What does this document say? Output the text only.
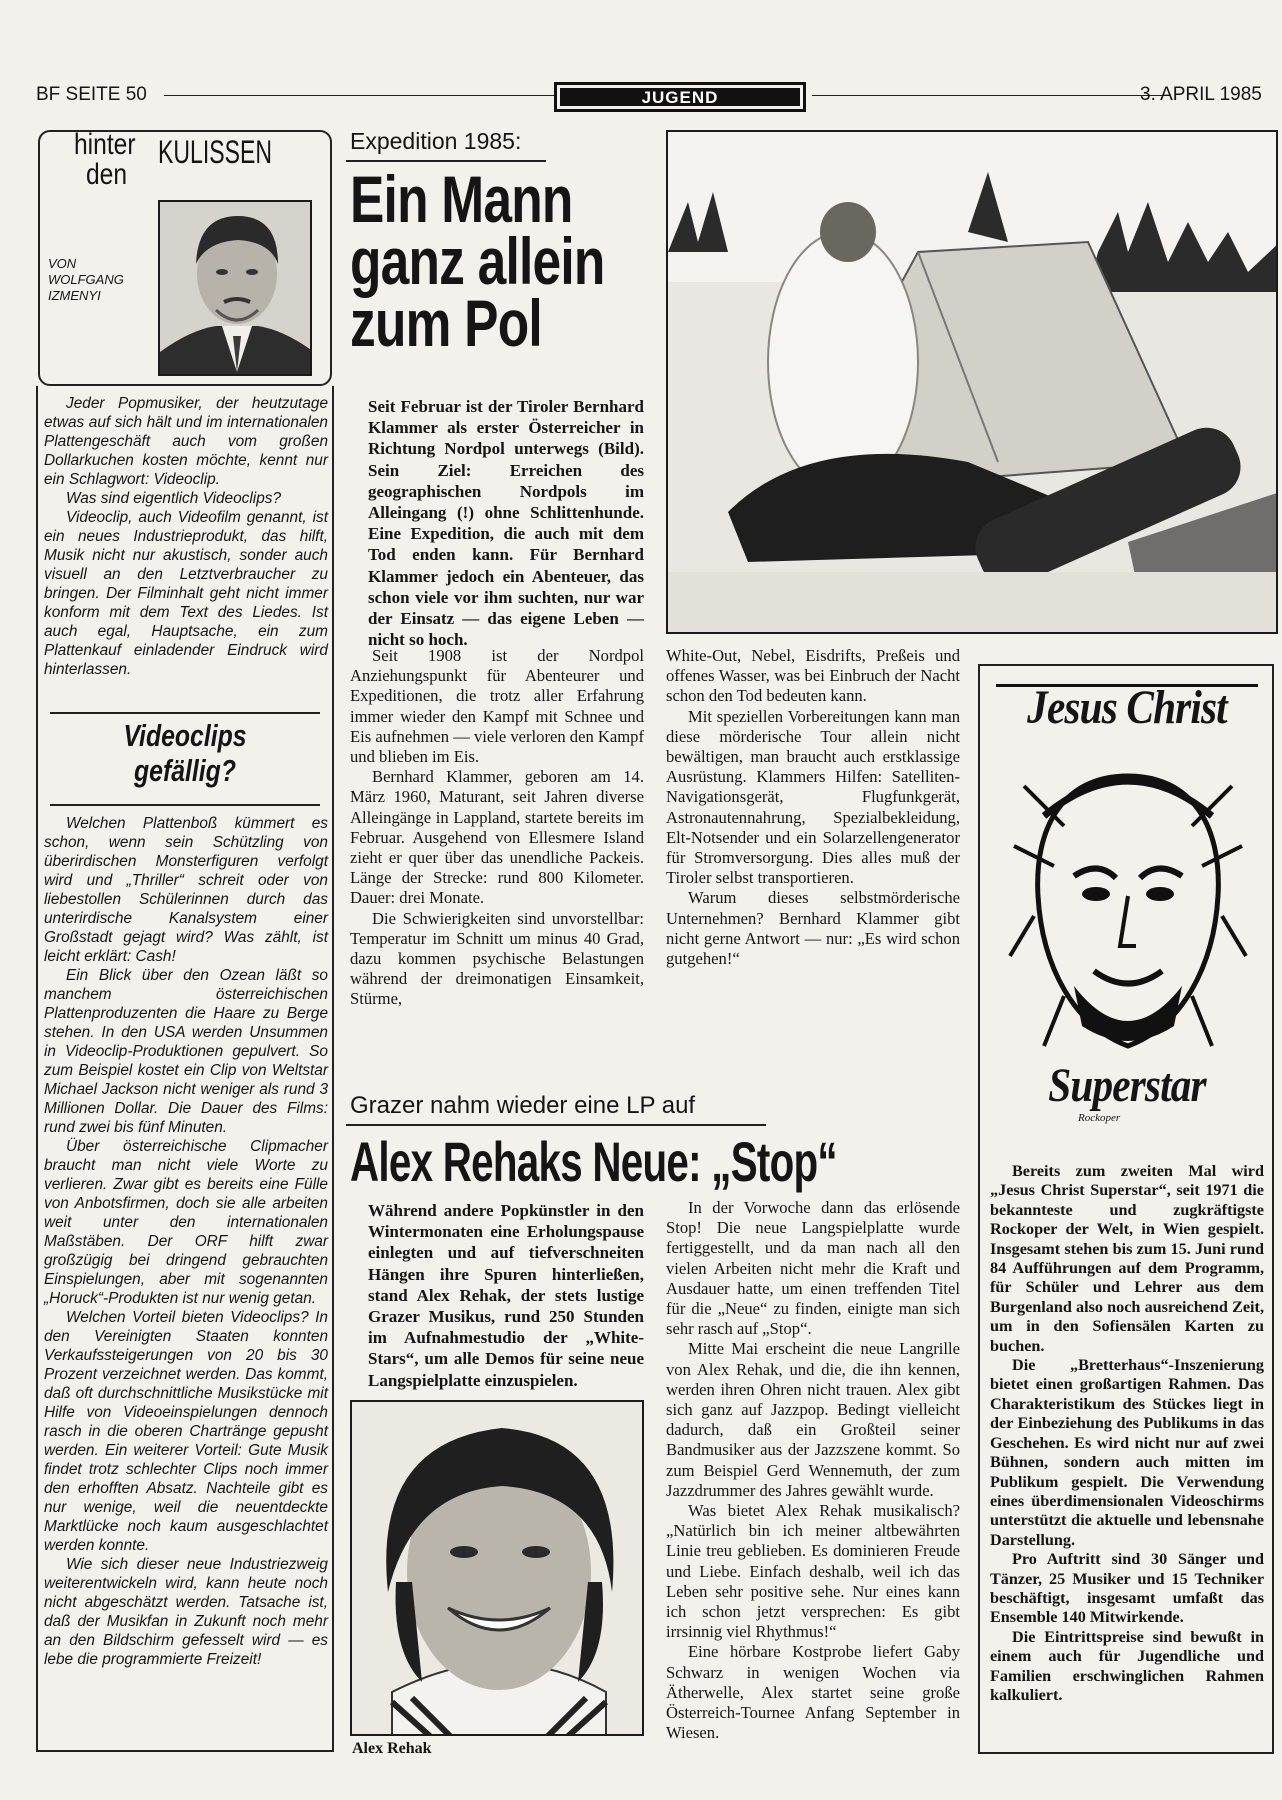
BF SEITE 50	JUGEND	3. APRIL 1985
hinter
den
KULISSEN
VON
WOLFGANG
IZMENYI

Jeder Popmusiker, der heutzutage etwas auf sich hält und im internationalen Plattengeschäft auch vom großen Dollarkuchen kosten möchte, kennt nur ein Schlagwort: Videoclip.

Was sind eigentlich Videoclips?

Videoclip, auch Videofilm genannt, ist ein neues Industrieprodukt, das hilft, Musik nicht nur akustisch, sonder auch visuell an den Letztverbraucher zu bringen. Der Filminhalt geht nicht immer konform mit dem Text des Liedes. Ist auch egal, Hauptsache, ein zum Plattenkauf einladender Eindruck wird hinterlassen.

Videoclips
gefällig?

Welchen Plattenboß kümmert es schon, wenn sein Schützling von überirdischen Monsterfiguren verfolgt wird und „Thriller“ schreit oder von liebestollen Schülerinnen durch das unterirdische Kanalsystem einer Großstadt gejagt wird? Was zählt, ist leicht erklärt: Cash!

Ein Blick über den Ozean läßt so manchem österreichischen Plattenproduzenten die Haare zu Berge stehen. In den USA werden Unsummen in Videoclip-Produktionen gepulvert. So zum Beispiel kostet ein Clip von Weltstar Michael Jackson nicht weniger als rund 3 Millionen Dollar. Die Dauer des Films: rund zwei bis fünf Minuten.

Über österreichische Clipmacher braucht man nicht viele Worte zu verlieren. Zwar gibt es bereits eine Fülle von Anbotsfirmen, doch sie alle arbeiten weit unter den internationalen Maßstäben. Der ORF hilft zwar großzügig bei dringend gebrauchten Einspielungen, aber mit sogenannten „Horuck“-Produkten ist nur wenig getan.

Welchen Vorteil bieten Videoclips? In den Vereinigten Staaten konnten Verkaufssteigerungen von 20 bis 30 Prozent verzeichnet werden. Das kommt, daß oft durchschnittliche Musikstücke mit Hilfe von Videoeinspielungen dennoch rasch in die oberen Chartränge gepusht werden. Ein weiterer Vorteil: Gute Musik findet trotz schlechter Clips noch immer den erhofften Absatz. Nachteile gibt es nur wenige, weil die neuentdeckte Marktlücke noch kaum ausgeschlachtet werden konnte.

Wie sich dieser neue Industriezweig weiterentwickeln wird, kann heute noch nicht abgeschätzt werden. Tatsache ist, daß der Musikfan in Zukunft noch mehr an den Bildschirm gefesselt wird — es lebe die programmierte Freizeit!

Expedition 1985:
Ein Mann
ganz allein
zum Pol

Seit Februar ist der Tiroler Bernhard Klammer als erster Österreicher in Richtung Nordpol unterwegs (Bild). Sein Ziel: Erreichen des geographischen Nordpols im Alleingang (!) ohne Schlittenhunde. Eine Expedition, die auch mit dem Tod enden kann. Für Bernhard Klammer jedoch ein Abenteuer, das schon viele vor ihm suchten, nur war der Einsatz — das eigene Leben — nicht so hoch.

Seit 1908 ist der Nordpol Anziehungspunkt für Abenteurer und Expeditionen, die trotz aller Erfahrung immer wieder den Kampf mit Schnee und Eis aufnehmen — viele verloren den Kampf und blieben im Eis.

Bernhard Klammer, geboren am 14. März 1960, Maturant, seit Jahren diverse Alleingänge in Lappland, startete bereits im Februar. Ausgehend von Ellesmere Island zieht er quer über das unendliche Packeis. Länge der Strecke: rund 800 Kilometer. Dauer: drei Monate.

Die Schwierigkeiten sind unvorstellbar: Temperatur im Schnitt um minus 40 Grad, dazu kommen psychische Belastungen während der dreimonatigen Einsamkeit, Stürme,

White-Out, Nebel, Eisdrifts, Preßeis und offenes Wasser, was bei Einbruch der Nacht schon den Tod bedeuten kann.

Mit speziellen Vorbereitungen kann man diese mörderische Tour allein nicht bewältigen, man braucht auch erstklassige Ausrüstung. Klammers Hilfen: Satelliten-Navigationsgerät, Flugfunkgerät, Astronautennahrung, Spezialbekleidung, Elt-Notsender und ein Solarzellengenerator für Stromversorgung. Dies alles muß der Tiroler selbst transportieren.

Warum dieses selbstmörderische Unternehmen? Bernhard Klammer gibt nicht gerne Antwort — nur: „Es wird schon gutgehen!“

Grazer nahm wieder eine LP auf
Alex Rehaks Neue: „Stop“

Während andere Popkünstler in den Wintermonaten eine Erholungspause einlegten und auf tiefverschneiten Hängen ihre Spuren hinterließen, stand Alex Rehak, der stets lustige Grazer Musikus, rund 250 Stunden im Aufnahmestudio der „White-Stars“, um alle Demos für seine neue Langspielplatte einzuspielen.

Alex Rehak

In der Vorwoche dann das erlösende Stop! Die neue Langspielplatte wurde fertiggestellt, und da man nach all den vielen Arbeiten nicht mehr die Kraft und Ausdauer hatte, um einen treffenden Titel für die „Neue“ zu finden, einigte man sich sehr rasch auf „Stop“.

Mitte Mai erscheint die neue Langrille von Alex Rehak, und die, die ihn kennen, werden ihren Ohren nicht trauen. Alex gibt sich ganz auf Jazzpop. Bedingt vielleicht dadurch, daß ein Großteil seiner Bandmusiker aus der Jazzszene kommt. So zum Beispiel Gerd Wennemuth, der zum Jazzdrummer des Jahres gewählt wurde.

Was bietet Alex Rehak musikalisch? „Natürlich bin ich meiner altbewährten Linie treu geblieben. Es dominieren Freude und Liebe. Einfach deshalb, weil ich das Leben sehr positive sehe. Nur eines kann ich schon jetzt versprechen: Es gibt irrsinnig viel Rhythmus!“

Eine hörbare Kostprobe liefert Gaby Schwarz in wenigen Wochen via Ätherwelle, Alex startet seine große Österreich-Tournee Anfang September in Wiesen.

Jesus Christ
Superstar
Rockoper

Bereits zum zweiten Mal wird „Jesus Christ Superstar“, seit 1971 die bekannteste und zugkräftigste Rockoper der Welt, in Wien gespielt. Insgesamt stehen bis zum 15. Juni rund 84 Aufführungen auf dem Programm, für Schüler und Lehrer aus dem Burgenland also noch ausreichend Zeit, um in den Sofiensälen Karten zu buchen.

Die „Bretterhaus“-Inszenierung bietet einen großartigen Rahmen. Das Charakteristikum des Stückes liegt in der Einbeziehung des Publikums in das Geschehen. Es wird nicht nur auf zwei Bühnen, sondern auch mitten im Publikum gespielt. Die Verwendung eines überdimensionalen Videoschirms unterstützt die aktuelle und lebensnahe Darstellung.

Pro Auftritt sind 30 Sänger und Tänzer, 25 Musiker und 15 Techniker beschäftigt, insgesamt umfaßt das Ensemble 140 Mitwirkende.

Die Eintrittspreise sind bewußt in einem auch für Jugendliche und Familien erschwinglichen Rahmen kalkuliert.
